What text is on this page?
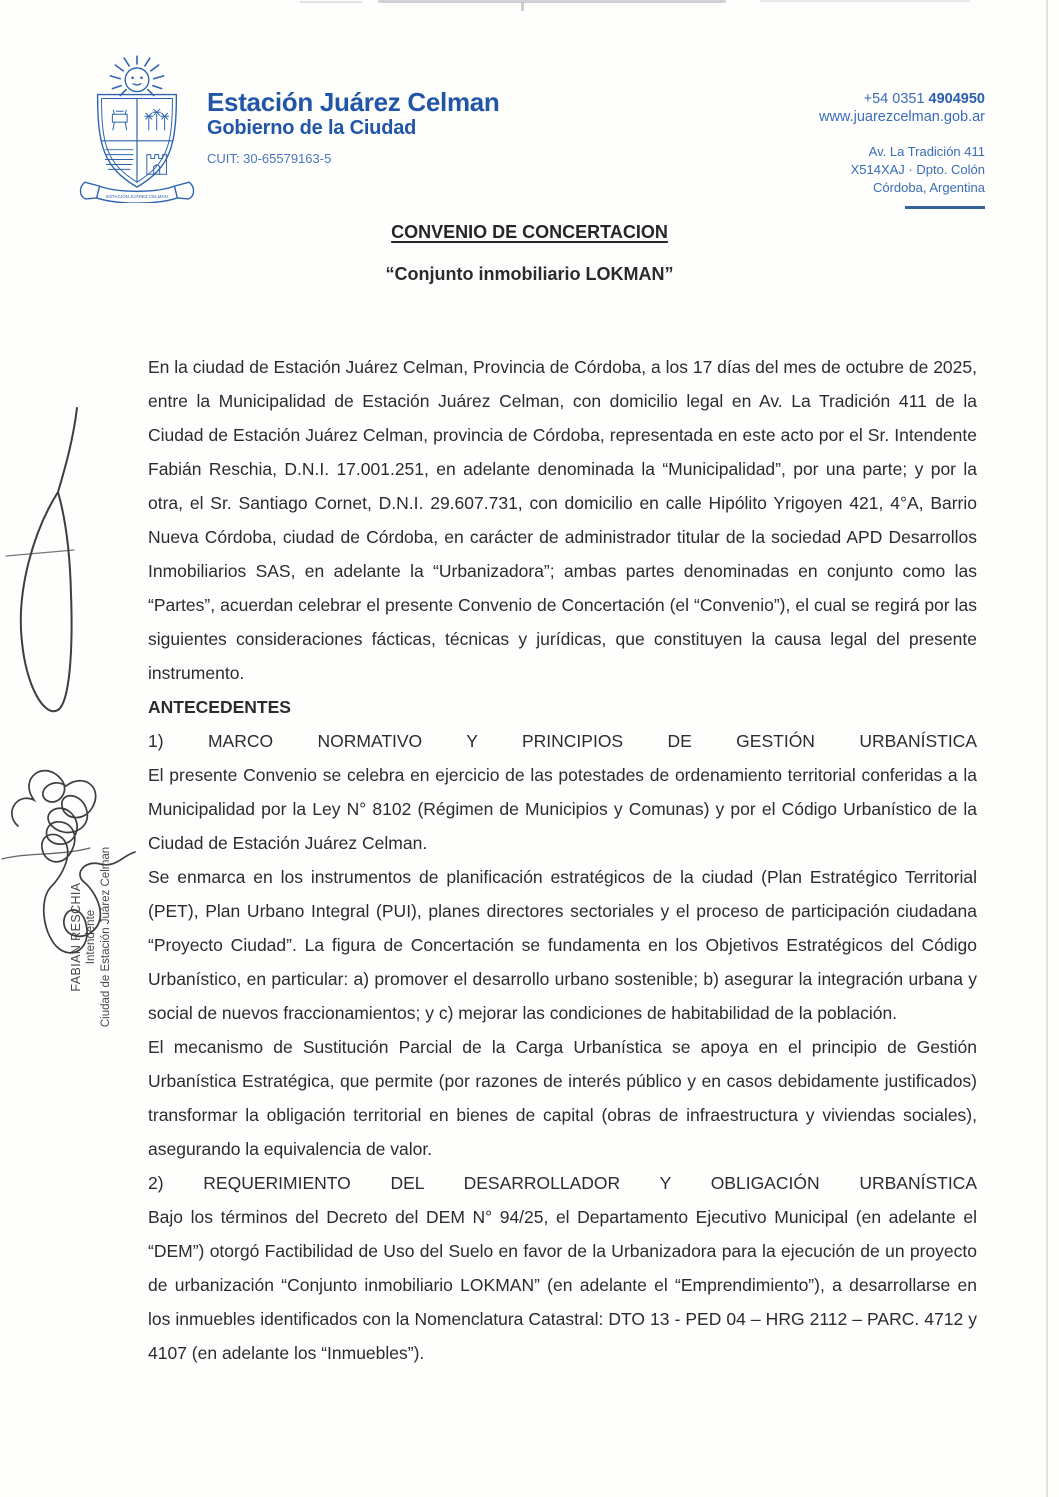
ESTACIÓN JUÁREZ CELMAN
Estación Juárez Celman
Gobierno de la Ciudad
CUIT: 30-65579163-5
+54 0351 4904950
www.juarezcelman.gob.ar
Av. La Tradición 411
X514XAJ · Dpto. Colón
Córdoba, Argentina
CONVENIO DE CONCERTACION
“Conjunto inmobiliario LOKMAN”

En la ciudad de Estación Juárez Celman, Provincia de Córdoba, a los 17 días del mes de octubre de 2025, entre la Municipalidad de Estación Juárez Celman, con domicilio legal en Av. La Tradición 411 de la Ciudad de Estación Juárez Celman, provincia de Córdoba, representada en este acto por el Sr. Intendente Fabián Reschia, D.N.I. 17.001.251, en adelante denominada la “Municipalidad”, por una parte; y por la otra, el Sr. Santiago Cornet, D.N.I. 29.607.731, con domicilio en calle Hipólito Yrigoyen 421, 4°A, Barrio Nueva Córdoba, ciudad de Córdoba, en carácter de administrador titular de la sociedad APD Desarrollos Inmobiliarios SAS, en adelante la “Urbanizadora”; ambas partes denominadas en conjunto como las “Partes”, acuerdan celebrar el presente Convenio de Concertación (el “Convenio”), el cual se regirá por las siguientes consideraciones fácticas, técnicas y jurídicas, que constituyen la causa legal del presente instrumento.

ANTECEDENTES

1) MARCO NORMATIVO Y PRINCIPIOS DE GESTIÓN URBANÍSTICA

El presente Convenio se celebra en ejercicio de las potestades de ordenamiento territorial conferidas a la Municipalidad por la Ley N° 8102 (Régimen de Municipios y Comunas) y por el Código Urbanístico de la Ciudad de Estación Juárez Celman.

Se enmarca en los instrumentos de planificación estratégicos de la ciudad (Plan Estratégico Territorial (PET), Plan Urbano Integral (PUI), planes directores sectoriales y el proceso de participación ciudadana “Proyecto Ciudad”. La figura de Concertación se fundamenta en los Objetivos Estratégicos del Código Urbanístico, en particular: a) promover el desarrollo urbano sostenible; b) asegurar la integración urbana y social de nuevos fraccionamientos; y c) mejorar las condiciones de habitabilidad de la población.

El mecanismo de Sustitución Parcial de la Carga Urbanística se apoya en el principio de Gestión Urbanística Estratégica, que permite (por razones de interés público y en casos debidamente justificados) transformar la obligación territorial en bienes de capital (obras de infraestructura y viviendas sociales), asegurando la equivalencia de valor.

2) REQUERIMIENTO DEL DESARROLLADOR Y OBLIGACIÓN URBANÍSTICA

Bajo los términos del Decreto del DEM N° 94/25, el Departamento Ejecutivo Municipal (en adelante el “DEM”) otorgó Factibilidad de Uso del Suelo en favor de la Urbanizadora para la ejecución de un proyecto de urbanización “Conjunto inmobiliario LOKMAN” (en adelante el “Emprendimiento”), a desarrollarse en los inmuebles identificados con la Nomenclatura Catastral: DTO 13 - PED 04 – HRG 2112 – PARC. 4712 y 4107 (en adelante los “Inmuebles”).

FABIAN RESCHIA Intendente Ciudad de Estación Juárez Celman
